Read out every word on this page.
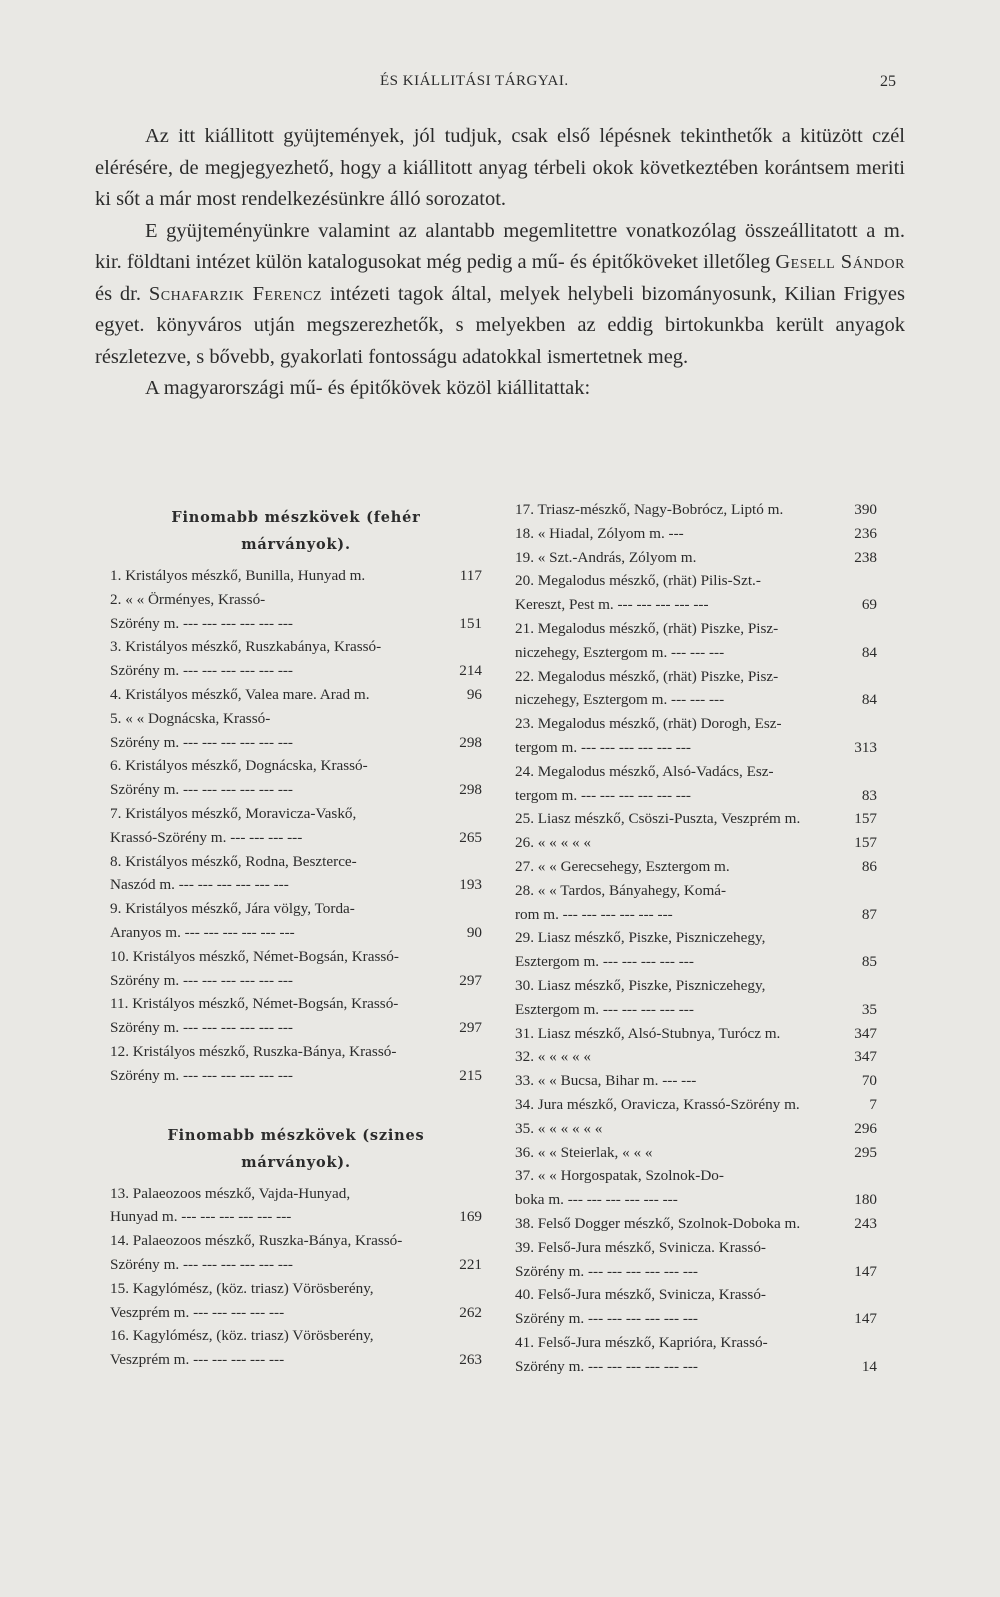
ÉS KIÁLLITÁSI TÁRGYAI.	25

Az itt kiállitott gyüjtemények, jól tudjuk, csak első lépésnek tekinthetők a kitüzött czél elérésére, de megjegyezhető, hogy a kiállitott anyag térbeli okok következtében korántsem meriti ki sőt a már most rendelkezésünkre álló sorozatot.

E gyüjteményünkre valamint az alantabb megemlitettre vonatkozólag összeállitatott a m. kir. földtani intézet külön katalogusokat még pedig a mű- és épitőköveket illetőleg Gesell Sándor és dr. Schafarzik Ferencz intézeti tagok által, melyek helybeli bizományosunk, Kilian Frigyes egyet. könyváros utján megszerezhetők, s melyekben az eddig birtokunkba került anyagok részletezve, s bővebb, gyakorlati fontosságu adatokkal ismertetnek meg.

A magyarországi mű- és épitőkövek közöl kiállitattak:

Finomabb mészkövek (fehér
márványok).
1. Kristályos mészkő, Bunilla, Hunyad m.	117
2. « « Örményes, Krassó-
Szörény m. --- --- --- --- --- ---	151
3. Kristályos mészkő, Ruszkabánya, Krassó-
Szörény m. --- --- --- --- --- ---	214
4. Kristályos mészkő, Valea mare. Arad m.	96
5. « « Dognácska, Krassó-
Szörény m. --- --- --- --- --- ---	298
6. Kristályos mészkő, Dognácska, Krassó-
Szörény m. --- --- --- --- --- ---	298
7. Kristályos mészkő, Moravicza-Vaskő,
Krassó-Szörény m. --- --- --- ---	265
8. Kristályos mészkő, Rodna, Beszterce-
Naszód m. --- --- --- --- --- ---	193
9. Kristályos mészkő, Jára völgy, Torda-
Aranyos m. --- --- --- --- --- ---	90
10. Kristályos mészkő, Német-Bogsán, Krassó-
Szörény m. --- --- --- --- --- ---	297
11. Kristályos mészkő, Német-Bogsán, Krassó-
Szörény m. --- --- --- --- --- ---	297
12. Kristályos mészkő, Ruszka-Bánya, Krassó-
Szörény m. --- --- --- --- --- ---	215
Finomabb mészkövek (szines
márványok).
13. Palaeozoos mészkő, Vajda-Hunyad,
Hunyad m. --- --- --- --- --- ---	169
14. Palaeozoos mészkő, Ruszka-Bánya, Krassó-
Szörény m. --- --- --- --- --- ---	221
15. Kagylómész, (köz. triasz) Vörösberény,
Veszprém m. --- --- --- --- ---	262
16. Kagylómész, (köz. triasz) Vörösberény,
Veszprém m. --- --- --- --- ---	263
17. Triasz-mészkő, Nagy-Bobrócz, Liptó m.	390
18. « Hiadal, Zólyom m. ---	236
19. « Szt.-András, Zólyom m.	238
20. Megalodus mészkő, (rhät) Pilis-Szt.-
Kereszt, Pest m. --- --- --- --- ---	69
21. Megalodus mészkő, (rhät) Piszke, Pisz-
niczehegy, Esztergom m. --- --- ---	84
22. Megalodus mészkő, (rhät) Piszke, Pisz-
niczehegy, Esztergom m. --- --- ---	84
23. Megalodus mészkő, (rhät) Dorogh, Esz-
tergom m. --- --- --- --- --- ---	313
24. Megalodus mészkő, Alsó-Vadács, Esz-
tergom m. --- --- --- --- --- ---	83
25. Liasz mészkő, Csöszi-Puszta, Veszprém m.	157
26. « « « « «	157
27. « « Gerecsehegy, Esztergom m.	86
28. « « Tardos, Bányahegy, Komá-
rom m. --- --- --- --- --- ---	87
29. Liasz mészkő, Piszke, Piszniczehegy,
Esztergom m. --- --- --- --- ---	85
30. Liasz mészkő, Piszke, Piszniczehegy,
Esztergom m. --- --- --- --- ---	35
31. Liasz mészkő, Alsó-Stubnya, Turócz m.	347
32. « « « « «	347
33. « « Bucsa, Bihar m. --- ---	70
34. Jura mészkő, Oravicza, Krassó-Szörény m.	7
35. « « « « « «	296
36. « « Steierlak, « « «	295
37. « « Horgospatak, Szolnok-Do-
boka m. --- --- --- --- --- ---	180
38. Felső Dogger mészkő, Szolnok-Doboka m.	243
39. Felső-Jura mészkő, Svinicza. Krassó-
Szörény m. --- --- --- --- --- ---	147
40. Felső-Jura mészkő, Svinicza, Krassó-
Szörény m. --- --- --- --- --- ---	147
41. Felső-Jura mészkő, Kaprióra, Krassó-
Szörény m. --- --- --- --- --- ---	14
